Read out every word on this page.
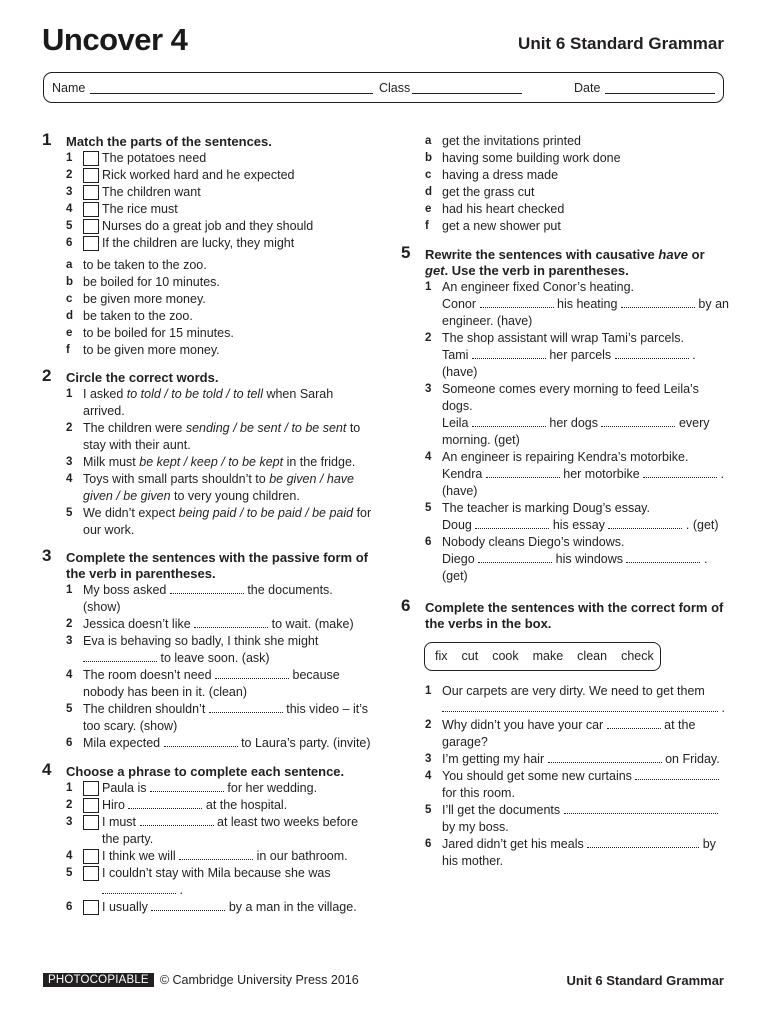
Uncover 4	Unit 6 Standard Grammar
Name	Class	Date
1 Match the parts of the sentences.
1 The potatoes need
2 Rick worked hard and he expected
3 The children want
4 The rice must
5 Nurses do a great job and they should
6 If the children are lucky, they might
a to be taken to the zoo.
b be boiled for 10 minutes.
c be given more money.
d be taken to the zoo.
e to be boiled for 15 minutes.
f to be given more money.
2 Circle the correct words.
1 I asked to told / to be told / to tell when Sarah arrived.
2 The children were sending / be sent / to be sent to stay with their aunt.
3 Milk must be kept / keep / to be kept in the fridge.
4 Toys with small parts shouldn’t to be given / have given / be given to very young children.
5 We didn’t expect being paid / to be paid / be paid for our work.
3 Complete the sentences with the passive form of the verb in parentheses.
1 My boss asked	the documents. (show)
2 Jessica doesn’t like	to wait. (make)
3 Eva is behaving so badly, I think she might  to leave soon. (ask)
4 The room doesn’t need	because nobody has been in it. (clean)
5 The children shouldn’t	this video – it’s too scary. (show)
6 Mila expected	to Laura’s party. (invite)
4 Choose a phrase to complete each sentence.
1 Paula is	for her wedding.
2 Hiro	at the hospital.
3 I must	at least two weeks before the party.
4 I think we will	in our bathroom.
5 I couldn’t stay with Mila because she was  .
6 I usually	by a man in the village.
a get the invitations printed
b having some building work done
c having a dress made
d get the grass cut
e had his heart checked
f get a new shower put
5 Rewrite the sentences with causative have or get. Use the verb in parentheses.
1 An engineer fixed Conor’s heating.
Conor	his heating	by an engineer. (have)
2 The shop assistant will wrap Tami’s parcels.
Tami	her parcels	. (have)
3 Someone comes every morning to feed Leila’s dogs.
Leila	her dogs	every morning. (get)
4 An engineer is repairing Kendra’s motorbike.
Kendra	her motorbike	. (have)
5 The teacher is marking Doug’s essay.
Doug	his essay	. (get)
6 Nobody cleans Diego’s windows.
Diego	his windows	. (get)
6 Complete the sentences with the correct form of the verbs in the box.
fix cut cook make clean check
1 Our carpets are very dirty. We need to get them .
2 Why didn’t you have your car	at the garage?
3 I’m getting my hair	on Friday.
4 You should get some new curtains  for this room.
5 I’ll get the documents  by my boss.
6 Jared didn’t get his meals	by his mother.
PHOTOCOPIABLE © Cambridge University Press 2016	Unit 6 Standard Grammar
